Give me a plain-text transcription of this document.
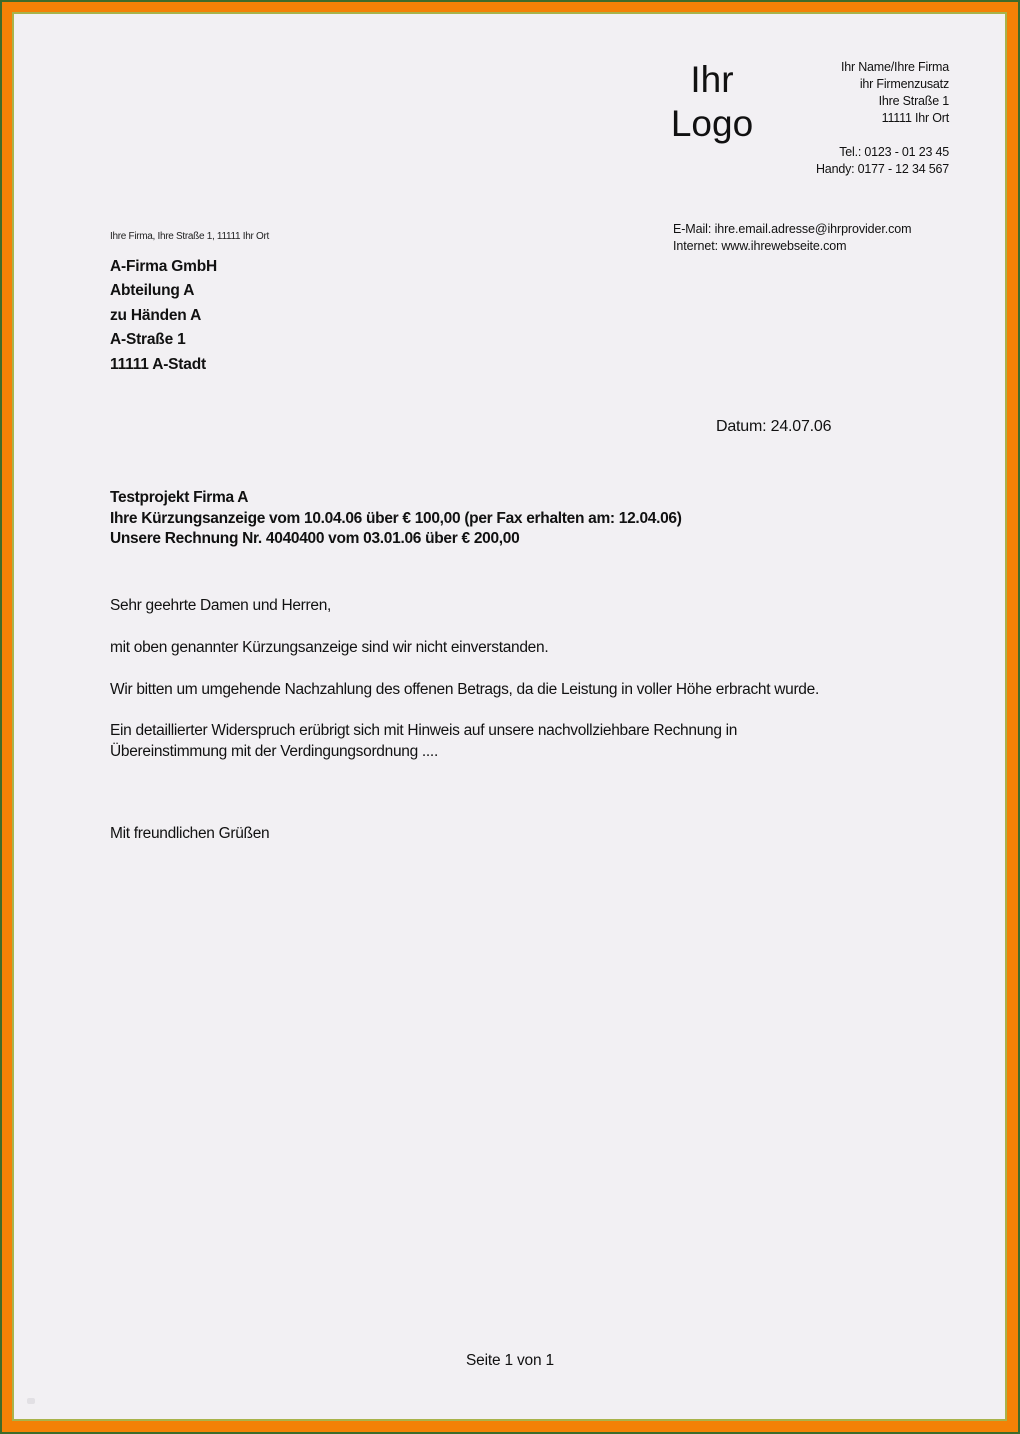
Ihr
Logo
Ihr Name/Ihre Firma
ihr Firmenzusatz
Ihre Straße 1
11111 Ihr Ort
Tel.: 0123 - 01 23 45
Handy: 0177 - 12 34 567
E-Mail: ihre.email.adresse@ihrprovider.com
Internet: www.ihrewebseite.com
Ihre Firma, Ihre Straße 1, 11111 Ihr Ort
A-Firma GmbH
Abteilung A
zu Händen A
A-Straße 1
11111 A-Stadt
Datum: 24.07.06
Testprojekt Firma A
Ihre Kürzungsanzeige vom 10.04.06 über € 100,00 (per Fax erhalten am: 12.04.06)
Unsere Rechnung Nr. 4040400 vom 03.01.06 über € 200,00
Sehr geehrte Damen und Herren,
mit oben genannter Kürzungsanzeige sind wir nicht einverstanden.
Wir bitten um umgehende Nachzahlung des offenen Betrags, da die Leistung in voller Höhe erbracht wurde.
Ein detaillierter Widerspruch erübrigt sich mit Hinweis auf unsere nachvollziehbare Rechnung in
Übereinstimmung mit der Verdingungsordnung ....
Mit freundlichen Grüßen
Seite 1 von 1
